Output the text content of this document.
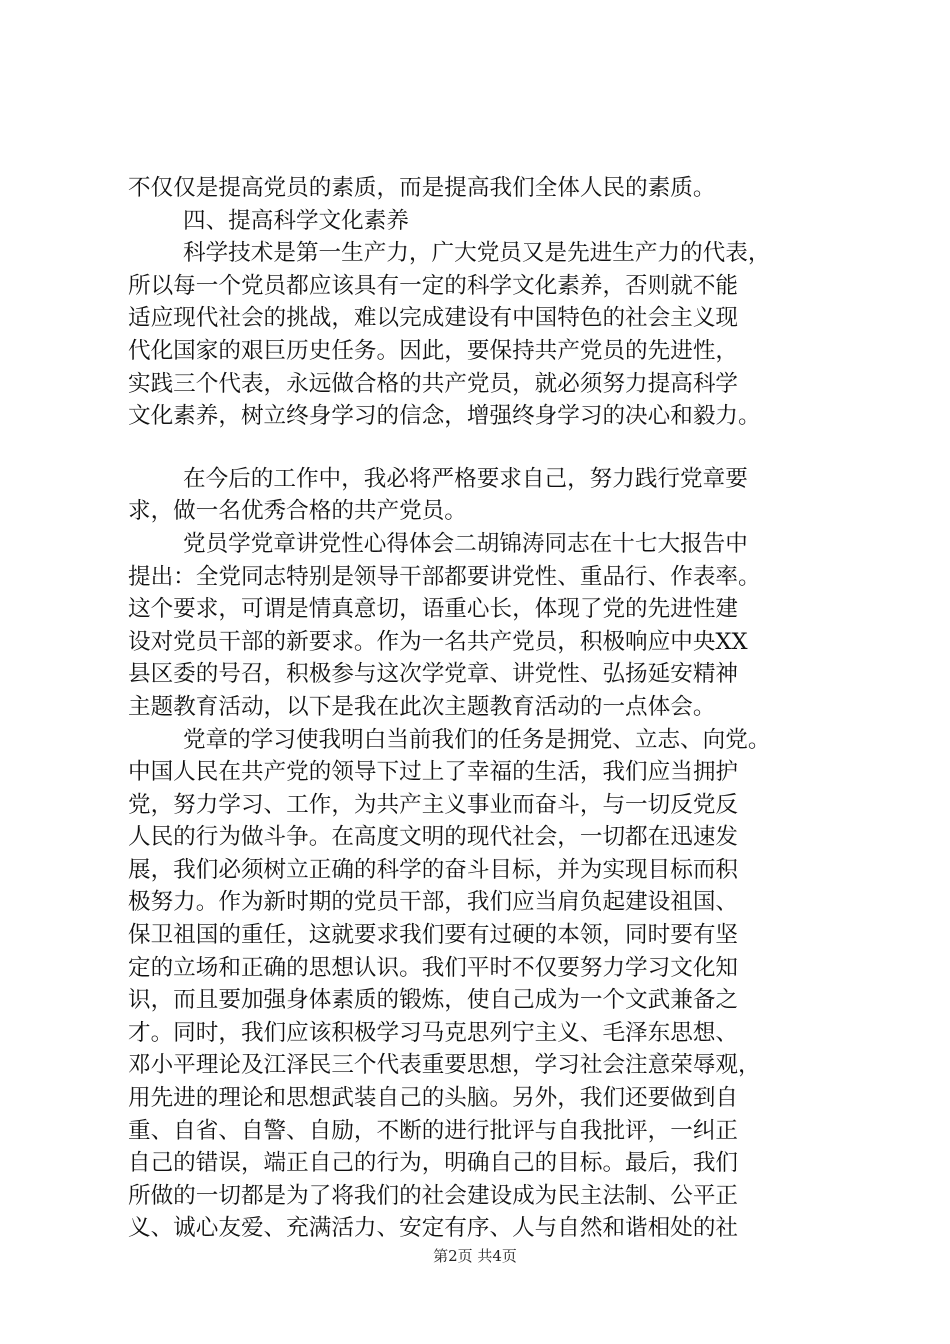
不仅仅是提高党员的素质，而是提高我们全体人民的素质。
四、提高科学文化素养
科学技术是第一生产力，广大党员又是先进生产力的代表，
所以每一个党员都应该具有一定的科学文化素养，否则就不能
适应现代社会的挑战，难以完成建设有中国特色的社会主义现
代化国家的艰巨历史任务。因此，要保持共产党员的先进性，
实践三个代表，永远做合格的共产党员，就必须努力提高科学
文化素养，树立终身学习的信念，增强终身学习的决心和毅力。
在今后的工作中，我必将严格要求自己，努力践行党章要
求，做一名优秀合格的共产党员。
党员学党章讲党性心得体会二胡锦涛同志在十七大报告中
提出：全党同志特别是领导干部都要讲党性、重品行、作表率。
这个要求，可谓是情真意切，语重心长，体现了党的先进性建
设对党员干部的新要求。作为一名共产党员，积极响应中央XX
县区委的号召，积极参与这次学党章、讲党性、弘扬延安精神
主题教育活动，以下是我在此次主题教育活动的一点体会。
党章的学习使我明白当前我们的任务是拥党、立志、向党。
中国人民在共产党的领导下过上了幸福的生活，我们应当拥护
党，努力学习、工作，为共产主义事业而奋斗，与一切反党反
人民的行为做斗争。在高度文明的现代社会，一切都在迅速发
展，我们必须树立正确的科学的奋斗目标，并为实现目标而积
极努力。作为新时期的党员干部，我们应当肩负起建设祖国、
保卫祖国的重任，这就要求我们要有过硬的本领，同时要有坚
定的立场和正确的思想认识。我们平时不仅要努力学习文化知
识，而且要加强身体素质的锻炼，使自己成为一个文武兼备之
才。同时，我们应该积极学习马克思列宁主义、毛泽东思想、
邓小平理论及江泽民三个代表重要思想，学习社会注意荣辱观，
用先进的理论和思想武装自己的头脑。另外，我们还要做到自
重、自省、自警、自励，不断的进行批评与自我批评，一纠正
自己的错误，端正自己的行为，明确自己的目标。最后，我们
所做的一切都是为了将我们的社会建设成为民主法制、公平正
义、诚心友爱、充满活力、安定有序、人与自然和谐相处的社
第2页 共4页
